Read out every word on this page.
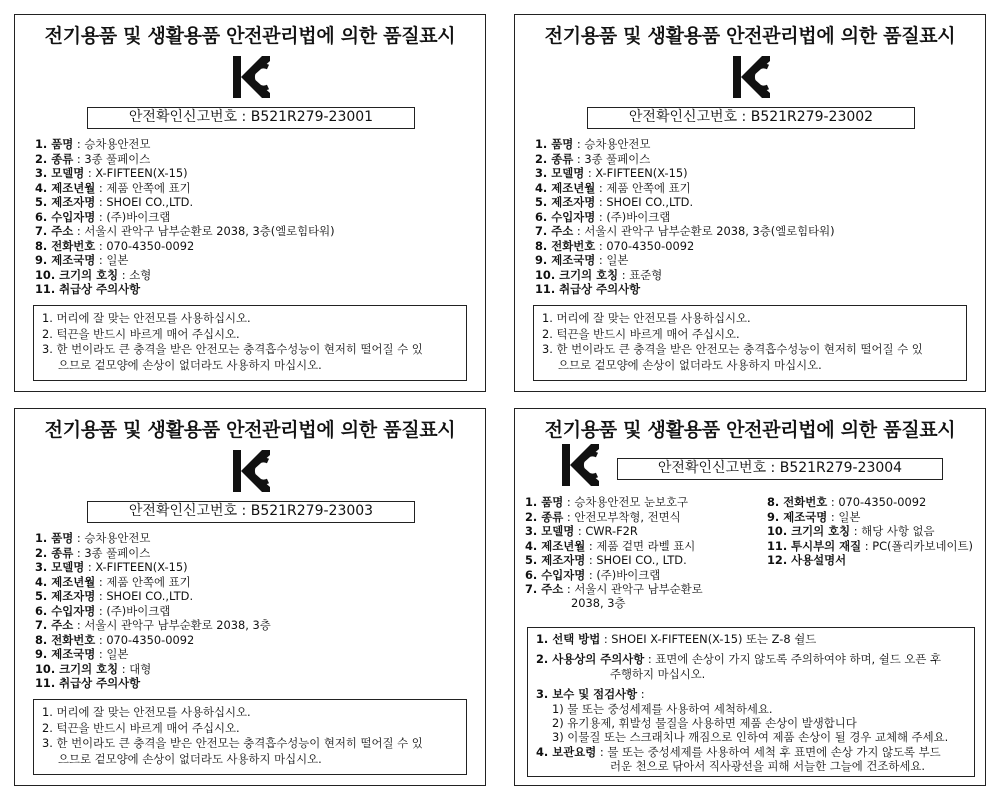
전기용품 및 생활용품 안전관리법에 의한 품질표시
안전확인신고번호 : B521R279-23001
1. 품명 : 승차용안전모
2. 종류 : 3종 풀페이스
3. 모델명 : X-FIFTEEN(X-15)
4. 제조년월 : 제품 안쪽에 표기
5. 제조자명 : SHOEI CO.,LTD.
6. 수입자명 : (주)바이크랩
7. 주소 : 서울시 관악구 남부순환로 2038, 3층(엘로힘타워)
8. 전화번호 : 070-4350-0092
9. 제조국명 : 일본
10. 크기의 호칭 : 소형
11. 취급상 주의사항

1. 머리에 잘 맞는 안전모를 사용하십시오.

2. 턱끈을 반드시 바르게 매어 주십시오.

3. 한 번이라도 큰 충격을 받은 안전모는 충격흡수성능이 현저히 떨어질 수 있

으므로 겉모양에 손상이 없더라도 사용하지 마십시오.

전기용품 및 생활용품 안전관리법에 의한 품질표시
안전확인신고번호 : B521R279-23002
1. 품명 : 승차용안전모
2. 종류 : 3종 풀페이스
3. 모델명 : X-FIFTEEN(X-15)
4. 제조년월 : 제품 안쪽에 표기
5. 제조자명 : SHOEI CO.,LTD.
6. 수입자명 : (주)바이크랩
7. 주소 : 서울시 관악구 남부순환로 2038, 3층(엘로힘타워)
8. 전화번호 : 070-4350-0092
9. 제조국명 : 일본
10. 크기의 호칭 : 표준형
11. 취급상 주의사항

1. 머리에 잘 맞는 안전모를 사용하십시오.

2. 턱끈을 반드시 바르게 매어 주십시오.

3. 한 번이라도 큰 충격을 받은 안전모는 충격흡수성능이 현저히 떨어질 수 있

으므로 겉모양에 손상이 없더라도 사용하지 마십시오.

전기용품 및 생활용품 안전관리법에 의한 품질표시
안전확인신고번호 : B521R279-23003
1. 품명 : 승차용안전모
2. 종류 : 3종 풀페이스
3. 모델명 : X-FIFTEEN(X-15)
4. 제조년월 : 제품 안쪽에 표기
5. 제조자명 : SHOEI CO.,LTD.
6. 수입자명 : (주)바이크랩
7. 주소 : 서울시 관악구 남부순환로 2038, 3층
8. 전화번호 : 070-4350-0092
9. 제조국명 : 일본
10. 크기의 호칭 : 대형
11. 취급상 주의사항

1. 머리에 잘 맞는 안전모를 사용하십시오.

2. 턱끈을 반드시 바르게 매어 주십시오.

3. 한 번이라도 큰 충격을 받은 안전모는 충격흡수성능이 현저히 떨어질 수 있

으므로 겉모양에 손상이 없더라도 사용하지 마십시오.

전기용품 및 생활용품 안전관리법에 의한 품질표시
안전확인신고번호 : B521R279-23004
1. 품명 : 승차용안전모 눈보호구
2. 종류 : 안전모부착형, 전면식
3. 모델명 : CWR-F2R
4. 제조년월 : 제품 겉면 라벨 표시
5. 제조자명 : SHOEI CO., LTD.
6. 수입자명 : (주)바이크랩
7. 주소 : 서울시 관악구 남부순환로
2038, 3층
8. 전화번호 : 070-4350-0092
9. 제조국명 : 일본
10. 크기의 호칭 : 해당 사항 없음
11. 투시부의 재질 : PC(폴리카보네이트)
12. 사용설명서

1. 선택 방법 : SHOEI X-FIFTEEN(X-15) 또는 Z-8 쉴드

2. 사용상의 주의사항 : 표면에 손상이 가지 않도록 주의하여야 하며, 쉴드 오픈 후

주행하지 마십시오.

3. 보수 및 점검사항 :

1) 물 또는 중성세제를 사용하여 세척하세요.

2) 유기용제, 휘발성 물질을 사용하면 제품 손상이 발생합니다

3) 이물질 또는 스크래치나 깨짐으로 인하여 제품 손상이 될 경우 교체해 주세요.

4. 보관요령 : 물 또는 중성세제를 사용하여 세척 후 표면에 손상 가지 않도록 부드

러운 천으로 닦아서 직사광선을 피해 서늘한 그늘에 건조하세요.
